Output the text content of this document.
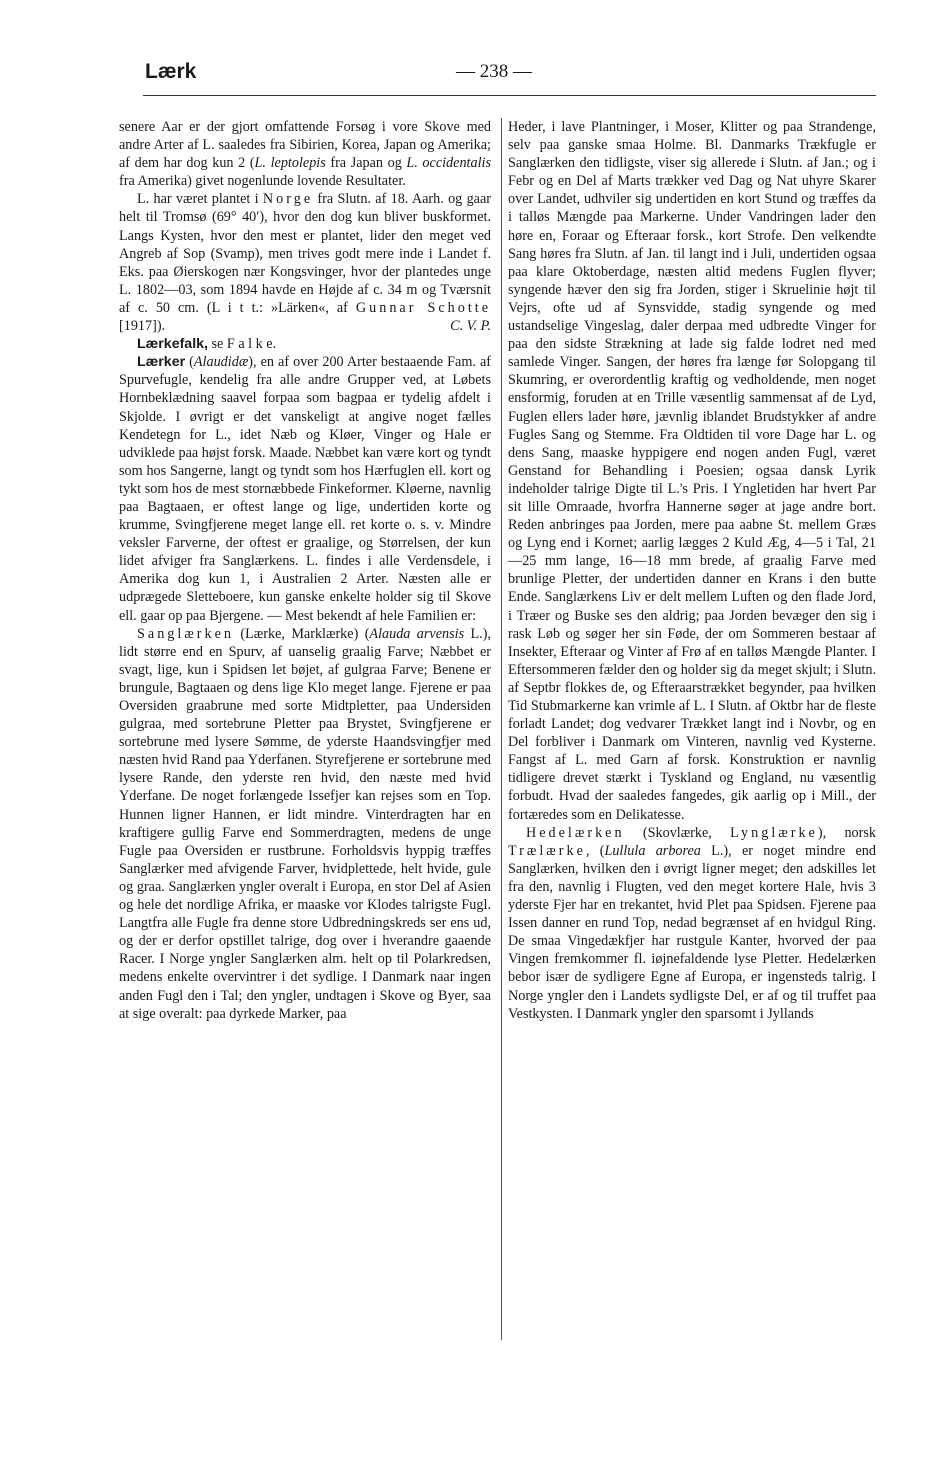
Lærk	— 238 —

senere Aar er der gjort omfattende Forsøg i vore Skove med andre Arter af L. saaledes fra Sibirien, Korea, Japan og Amerika; af dem har dog kun 2 (L. leptolepis fra Japan og L. occidentalis fra Amerika) givet nogenlunde lovende Resultater.

L. har været plantet i Norge fra Slutn. af 18. Aarh. og gaar helt til Tromsø (69° 40′), hvor den dog kun bliver buskformet. Langs Kysten, hvor den mest er plantet, lider den meget ved Angreb af Sop (Svamp), men trives godt mere inde i Landet f. Eks. paa Øierskogen nær Kongsvinger, hvor der plantedes unge L. 1802—03, som 1894 havde en Højde af c. 34 m og Tværsnit af c. 50 cm. (L i t t.: »Lärken«, af Gunnar Schotte [1917]).	C. V. P.

Lærkefalk, se F a l k e.

Lærker (Alaudidæ), en af over 200 Arter bestaaende Fam. af Spurvefugle, kendelig fra alle andre Grupper ved, at Løbets Hornbeklædning saavel forpaa som bagpaa er tydelig afdelt i Skjolde. I øvrigt er det vanskeligt at angive noget fælles Kendetegn for L., idet Næb og Kløer, Vinger og Hale er udviklede paa højst forsk. Maade. Næbbet kan være kort og tyndt som hos Sangerne, langt og tyndt som hos Hærfuglen ell. kort og tykt som hos de mest stornæbbede Finkeformer. Kløerne, navnlig paa Bagtaaen, er oftest lange og lige, undertiden korte og krumme, Svingfjerene meget lange ell. ret korte o. s. v. Mindre veksler Farverne, der oftest er graalige, og Størrelsen, der kun lidet afviger fra Sanglærkens. L. findes i alle Verdensdele, i Amerika dog kun 1, i Australien 2 Arter. Næsten alle er udprægede Sletteboere, kun ganske enkelte holder sig til Skove ell. gaar op paa Bjergene. — Mest bekendt af hele Familien er:

Sanglærken (Lærke, Marklærke) (Alauda arvensis L.), lidt større end en Spurv, af uanselig graalig Farve; Næbbet er svagt, lige, kun i Spidsen let bøjet, af gulgraa Farve; Benene er brungule, Bagtaaen og dens lige Klo meget lange. Fjerene er paa Oversiden graabrune med sorte Midtpletter, paa Undersiden gulgraa, med sortebrune Pletter paa Brystet, Svingfjerene er sortebrune med lysere Sømme, de yderste Haandsvingfjer med næsten hvid Rand paa Yderfanen. Styrefjerene er sortebrune med lysere Rande, den yderste ren hvid, den næste med hvid Yderfane. De noget forlængede Issefjer kan rejses som en Top. Hunnen ligner Hannen, er lidt mindre. Vinterdragten har en kraftigere gullig Farve end Sommerdragten, medens de unge Fugle paa Oversiden er rustbrune. Forholdsvis hyppig træffes Sanglærker med afvigende Farver, hvidplettede, helt hvide, gule og graa. Sanglærken yngler overalt i Europa, en stor Del af Asien og hele det nordlige Afrika, er maaske vor Klodes talrigste Fugl. Langtfra alle Fugle fra denne store Udbredningskreds ser ens ud, og der er derfor opstillet talrige, dog over i hverandre gaaende Racer. I Norge yngler Sanglærken alm. helt op til Polarkredsen, medens enkelte overvintrer i det sydlige. I Danmark naar ingen anden Fugl den i Tal; den yngler, undtagen i Skove og Byer, saa at sige overalt: paa dyrkede Marker, paa

Heder, i lave Plantninger, i Moser, Klitter og paa Strandenge, selv paa ganske smaa Holme. Bl. Danmarks Trækfugle er Sanglærken den tidligste, viser sig allerede i Slutn. af Jan.; og i Febr og en Del af Marts trækker ved Dag og Nat uhyre Skarer over Landet, udhviler sig undertiden en kort Stund og træffes da i talløs Mængde paa Markerne. Under Vandringen lader den høre en, Foraar og Efteraar forsk., kort Strofe. Den velkendte Sang høres fra Slutn. af Jan. til langt ind i Juli, undertiden ogsaa paa klare Oktoberdage, næsten altid medens Fuglen flyver; syngende hæver den sig fra Jorden, stiger i Skruelinie højt til Vejrs, ofte ud af Synsvidde, stadig syngende og med ustandselige Vingeslag, daler derpaa med udbredte Vinger for paa den sidste Strækning at lade sig falde lodret ned med samlede Vinger. Sangen, der høres fra længe før Solopgang til Skumring, er overordentlig kraftig og vedholdende, men noget ensformig, foruden at en Trille væsentlig sammensat af de Lyd, Fuglen ellers lader høre, jævnlig iblandet Brudstykker af andre Fugles Sang og Stemme. Fra Oldtiden til vore Dage har L. og dens Sang, maaske hyppigere end nogen anden Fugl, været Genstand for Behandling i Poesien; ogsaa dansk Lyrik indeholder talrige Digte til L.'s Pris. I Yngletiden har hvert Par sit lille Omraade, hvorfra Hannerne søger at jage andre bort. Reden anbringes paa Jorden, mere paa aabne St. mellem Græs og Lyng end i Kornet; aarlig lægges 2 Kuld Æg, 4—5 i Tal, 21—25 mm lange, 16—18 mm brede, af graalig Farve med brunlige Pletter, der undertiden danner en Krans i den butte Ende. Sanglærkens Liv er delt mellem Luften og den flade Jord, i Træer og Buske ses den aldrig; paa Jorden bevæger den sig i rask Løb og søger her sin Føde, der om Sommeren bestaar af Insekter, Efteraar og Vinter af Frø af en talløs Mængde Planter. I Eftersommeren fælder den og holder sig da meget skjult; i Slutn. af Septbr flokkes de, og Efteraarstrækket begynder, paa hvilken Tid Stubmarkerne kan vrimle af L. I Slutn. af Oktbr har de fleste forladt Landet; dog vedvarer Trækket langt ind i Novbr, og en Del forbliver i Danmark om Vinteren, navnlig ved Kysterne. Fangst af L. med Garn af forsk. Konstruktion er navnlig tidligere drevet stærkt i Tyskland og England, nu væsentlig forbudt. Hvad der saaledes fangedes, gik aarlig op i Mill., der fortæredes som en Delikatesse.

Hedelærken (Skovlærke, Lynglærke), norsk Trælærke, (Lullula arborea L.), er noget mindre end Sanglærken, hvilken den i øvrigt ligner meget; den adskilles let fra den, navnlig i Flugten, ved den meget kortere Hale, hvis 3 yderste Fjer har en trekantet, hvid Plet paa Spidsen. Fjerene paa Issen danner en rund Top, nedad begrænset af en hvidgul Ring. De smaa Vingedækfjer har rustgule Kanter, hvorved der paa Vingen fremkommer fl. iøjnefaldende lyse Pletter. Hedelærken bebor især de sydligere Egne af Europa, er ingensteds talrig. I Norge yngler den i Landets sydligste Del, er af og til truffet paa Vestkysten. I Danmark yngler den sparsomt i Jyllands
